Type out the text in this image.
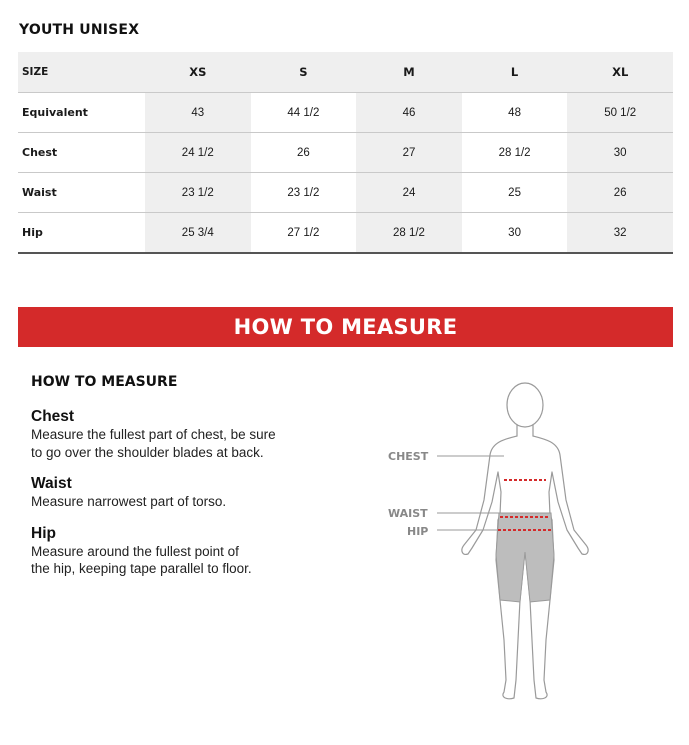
YOUTH UNISEX
SIZE	XS	S	M	L	XL
Equivalent	43	44 1/2	46	48	50 1/2
Chest	24 1/2	26	27	28 1/2	30
Waist	23 1/2	23 1/2	24	25	26
Hip	25 3/4	27 1/2	28 1/2	30	32
HOW TO MEASURE
HOW TO MEASURE
Chest
Measure the fullest part of chest, be sure
to go over the shoulder blades at back.
Waist
Measure narrowest part of torso.
Hip
Measure around the fullest point of
the hip, keeping tape parallel to floor.
CHEST
WAIST
HIP
